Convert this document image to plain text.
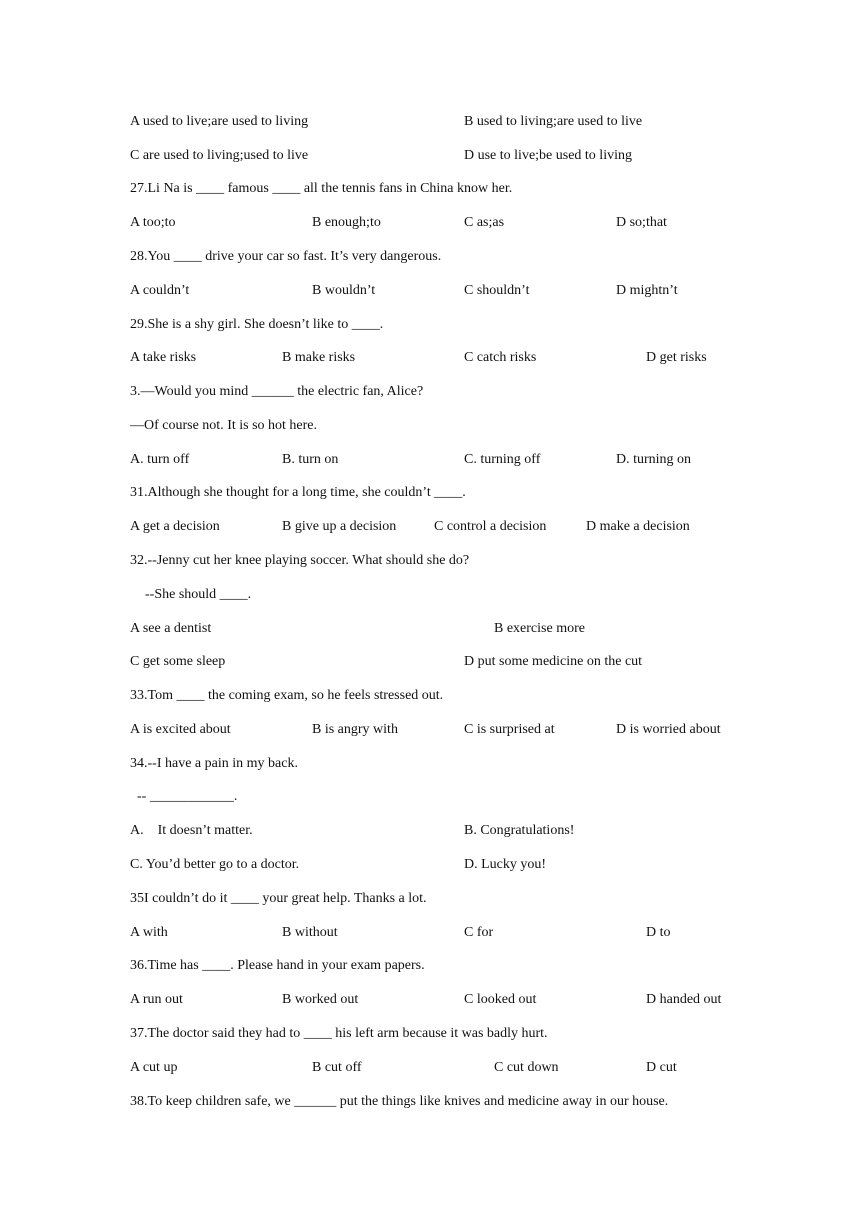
A used to live;are used to living

	B used to living;are used to live

C are used to living;used to live

	D use to live;be used to living

27.Li Na is ____ famous ____ all the tennis fans in China know her.

A too;to

	B enough;to

	C as;as

	D so;that

28.You ____ drive your car so fast. It’s very dangerous.

A couldn’t

	B wouldn’t

	C shouldn’t

	D mightn’t

29.She is a shy girl. She doesn’t like to ____.

A take risks

	B make risks

	C catch risks

	D get risks

3.—Would you mind ______ the electric fan, Alice?

—Of course not. It is so hot here.

A. turn off

	B. turn on

	C. turning off

	D. turning on

31.Although she thought for a long time, she couldn’t ____.

A get a decision

	B give up a decision

	C control a decision

	D make a decision

32.--Jenny cut her knee playing soccer. What should she do?

--She should ____.

A see a dentist

	B exercise more

C get some sleep

	D put some medicine on the cut

33.Tom ____ the coming exam, so he feels stressed out.

A is excited about

	B is angry with

	C is surprised at

	D is worried about

34.--I have a pain in my back.

-- ____________.

A.    It doesn’t matter.

	B. Congratulations!

C. You’d better go to a doctor.

	D. Lucky you!

35I couldn’t do it ____ your great help. Thanks a lot.

A with

	B without

	C for

	D to

36.Time has ____. Please hand in your exam papers.

A run out

	B worked out

	C looked out

	D handed out

37.The doctor said they had to ____ his left arm because it was badly hurt.

A cut up

	B cut off

	C cut down

	D cut

38.To keep children safe, we ______ put the things like knives and medicine away in our house.
